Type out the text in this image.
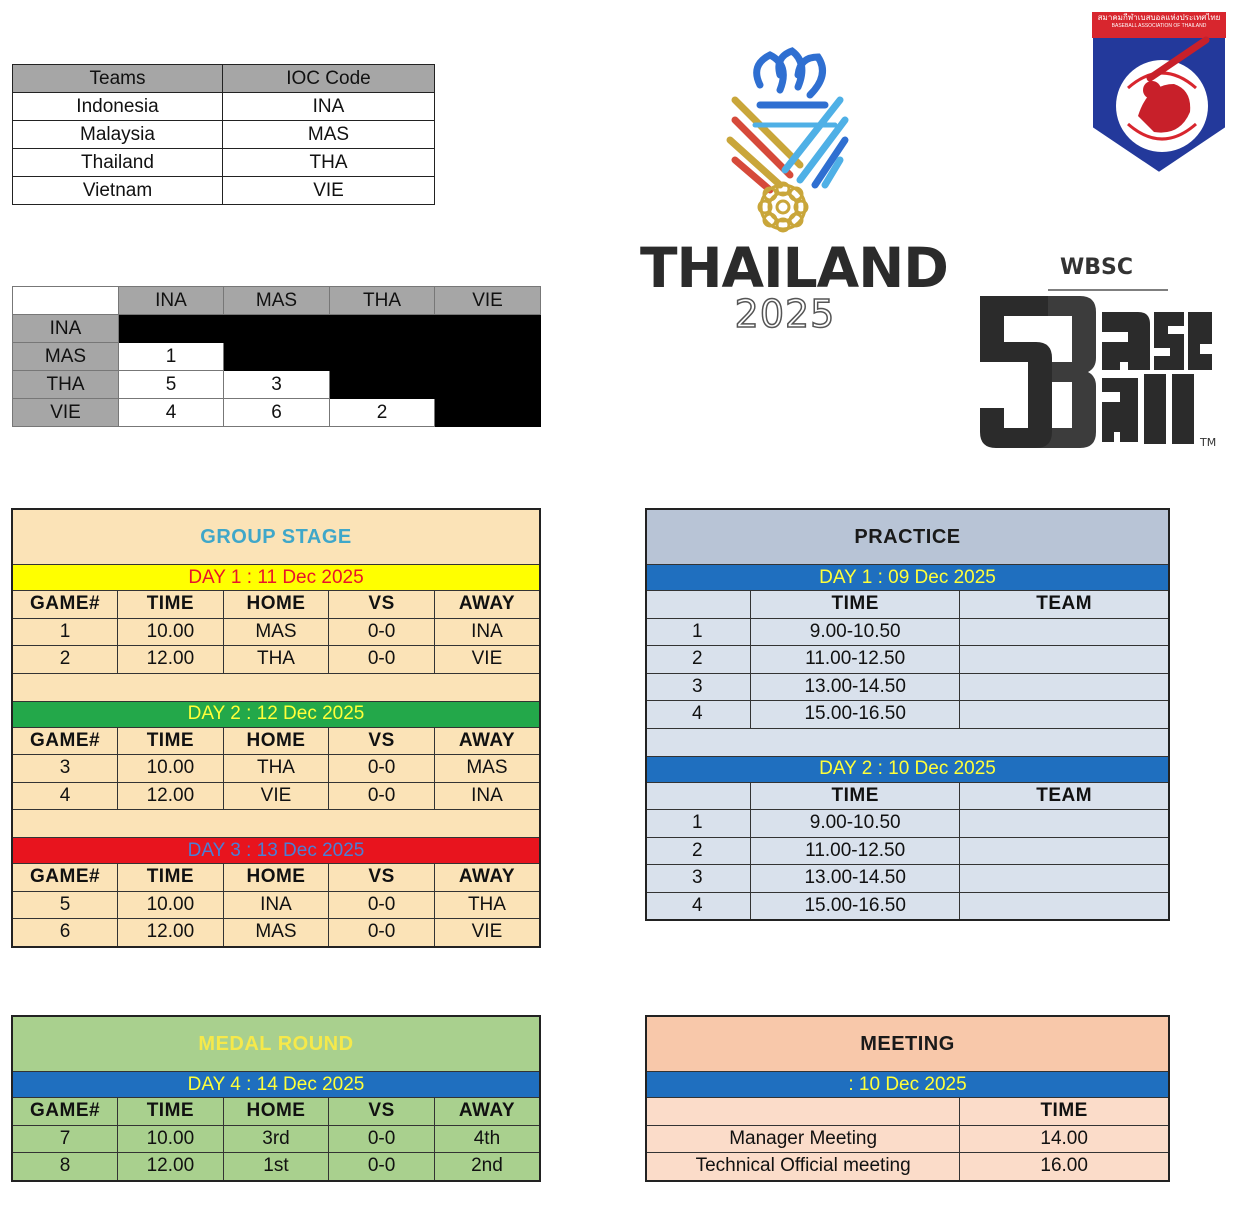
Teams	IOC Code
Indonesia	INA
Malaysia	MAS
Thailand	THA
Vietnam	VIE
	INA	MAS	THA	VIE
INA				
MAS	1			
THA	5	3		
VIE	4	6	2	
GROUP STAGE				
DAY 1 : 11 Dec 2025				
GAME#	TIME	HOME	VS	AWAY
1	10.00	MAS	0-0	INA
2	12.00	THA	0-0	VIE

DAY 2 : 12 Dec 2025				
GAME#	TIME	HOME	VS	AWAY
3	10.00	THA	0-0	MAS
4	12.00	VIE	0-0	INA

DAY 3 : 13 Dec 2025				
GAME#	TIME	HOME	VS	AWAY
5	10.00	INA	0-0	THA
6	12.00	MAS	0-0	VIE
MEDAL ROUND				
DAY 4 : 14 Dec 2025				
GAME#	TIME	HOME	VS	AWAY
7	10.00	3rd	0-0	4th
8	12.00	1st	0-0	2nd
PRACTICE		
DAY 1 : 09 Dec 2025		
	TIME	TEAM
1	9.00-10.50	
2	11.00-12.50	
3	13.00-14.50	
4	15.00-16.50	

DAY 2 : 10 Dec 2025		
	TIME	TEAM
1	9.00-10.50	
2	11.00-12.50	
3	13.00-14.50	
4	15.00-16.50	
MEETING	
: 10 Dec 2025	
	TIME
Manager Meeting	14.00
Technical Official meeting	16.00
THAILAND
2025
สมาคมกีฬาเบสบอลแห่งประเทศไทย
BASEBALL ASSOCIATION OF THAILAND
WBSC
TM
